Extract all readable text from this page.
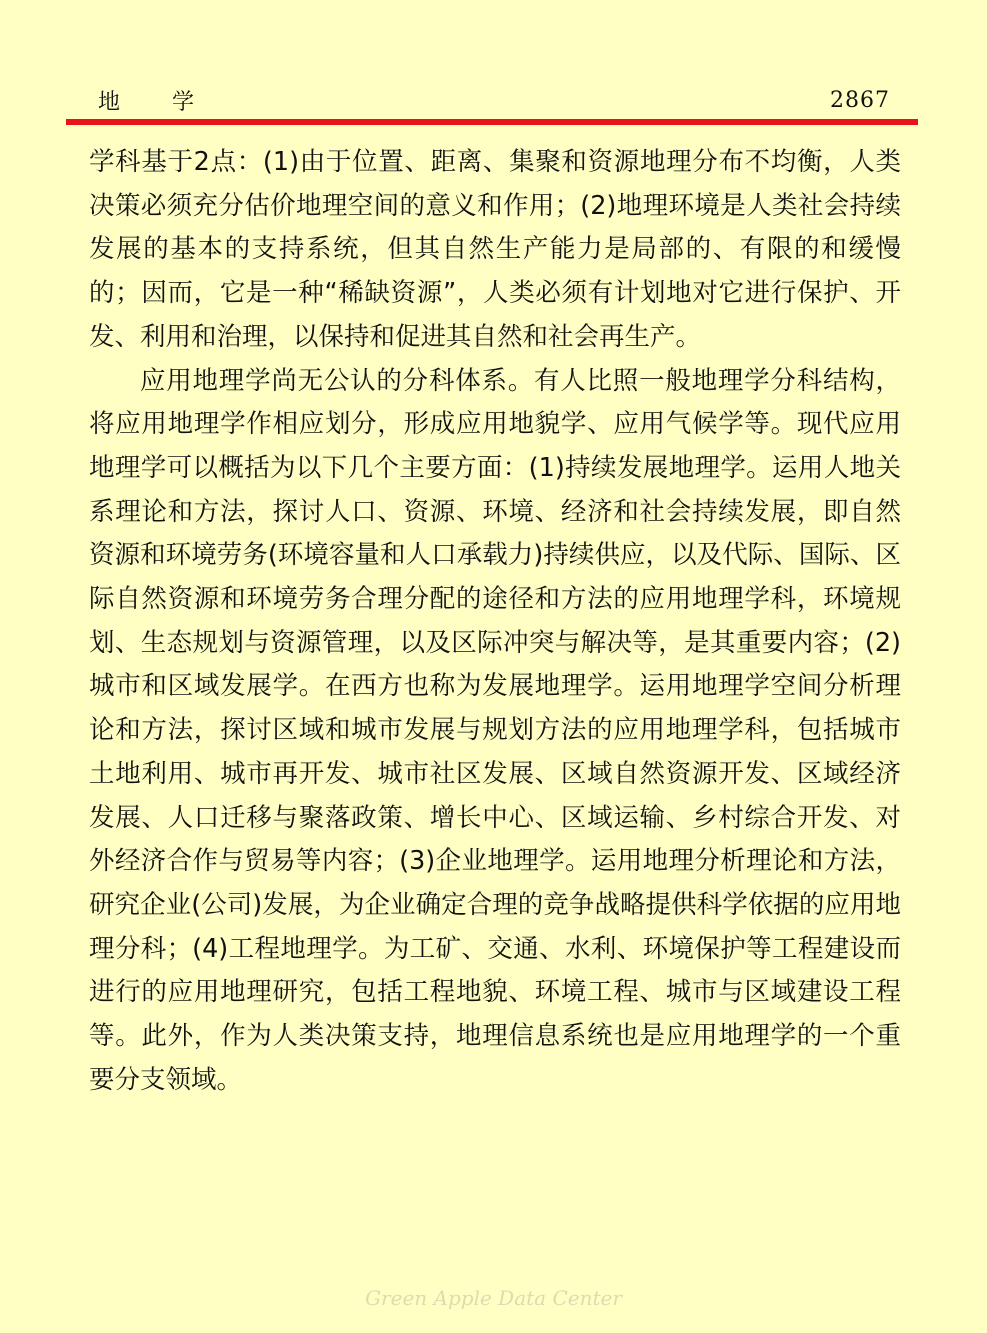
地学	2867

学科基于2点：(1)由于位置、距离、集聚和资源地理分布不均衡，人类决策必须充分估价地理空间的意义和作用；(2)地理环境是人类社会持续发展的基本的支持系统，但其自然生产能力是局部的、有限的和缓慢的；因而，它是一种“稀缺资源”，人类必须有计划地对它进行保护、开发、利用和治理，以保持和促进其自然和社会再生产。

应用地理学尚无公认的分科体系。有人比照一般地理学分科结构，将应用地理学作相应划分，形成应用地貌学、应用气候学等。现代应用地理学可以概括为以下几个主要方面：(1)持续发展地理学。运用人地关系理论和方法，探讨人口、资源、环境、经济和社会持续发展，即自然资源和环境劳务(环境容量和人口承载力)持续供应，以及代际、国际、区际自然资源和环境劳务合理分配的途径和方法的应用地理学科，环境规划、生态规划与资源管理，以及区际冲突与解决等，是其重要内容；(2)城市和区域发展学。在西方也称为发展地理学。运用地理学空间分析理论和方法，探讨区域和城市发展与规划方法的应用地理学科，包括城市土地利用、城市再开发、城市社区发展、区域自然资源开发、区域经济发展、人口迁移与聚落政策、增长中心、区域运输、乡村综合开发、对外经济合作与贸易等内容；(3)企业地理学。运用地理分析理论和方法，研究企业(公司)发展，为企业确定合理的竞争战略提供科学依据的应用地理分科；(4)工程地理学。为工矿、交通、水利、环境保护等工程建设而进行的应用地理研究，包括工程地貌、环境工程、城市与区域建设工程等。此外，作为人类决策支持，地理信息系统也是应用地理学的一个重要分支领域。

Green Apple Data Center
